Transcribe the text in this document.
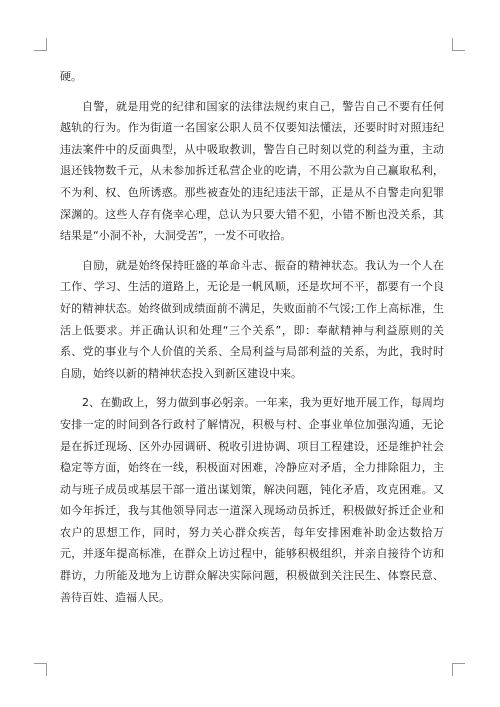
硬。

自警，就是用党的纪律和国家的法律法规约束自己，警告自己不要有任何越轨的行为。作为街道一名国家公职人员不仅要知法懂法，还要时时对照违纪违法案件中的反面典型，从中吸取教训，警告自己时刻以党的利益为重，主动退还钱物数千元，从未参加拆迁私营企业的吃请，不用公款为自己赢取私利，不为利、权、色所诱惑。那些被查处的违纪违法干部，正是从不自警走向犯罪深渊的。这些人存有侥幸心理，总认为只要大错不犯，小错不断也没关系，其结果是“小洞不补，大洞受苦”，一发不可收拾。

自励，就是始终保持旺盛的革命斗志、振奋的精神状态。我认为一个人在工作、学习、生活的道路上，无论是一帆风顺，还是坎坷不平，都要有一个良好的精神状态。始终做到成绩面前不满足，失败面前不气馁;工作上高标准，生活上低要求。并正确认识和处理“三个关系”，即：奉献精神与利益原则的关系、党的事业与个人价值的关系、全局利益与局部利益的关系，为此，我时时自励，始终以新的精神状态投入到新区建设中来。

2、在勤政上，努力做到事必躬亲。一年来，我为更好地开展工作，每周均安排一定的时间到各行政村了解情况，积极与村、企事业单位加强沟通，无论是在拆迁现场、区外办园调研、税收引进协调、项目工程建设，还是维护社会稳定等方面，始终在一线，积极面对困难，冷静应对矛盾，全力排除阻力，主动与班子成员或基层干部一道出谋划策，解决问题，钝化矛盾，攻克困难。又如今年拆迁，我与其他领导同志一道深入现场动员拆迁，积极做好拆迁企业和农户的思想工作，同时，努力关心群众疾苦，每年安排困难补助金达数拾万元，并逐年提高标准，在群众上访过程中，能够积极组织，并亲自接待个访和群访，力所能及地为上访群众解决实际问题，积极做到关注民生、体察民意、善待百姓、造福人民。
